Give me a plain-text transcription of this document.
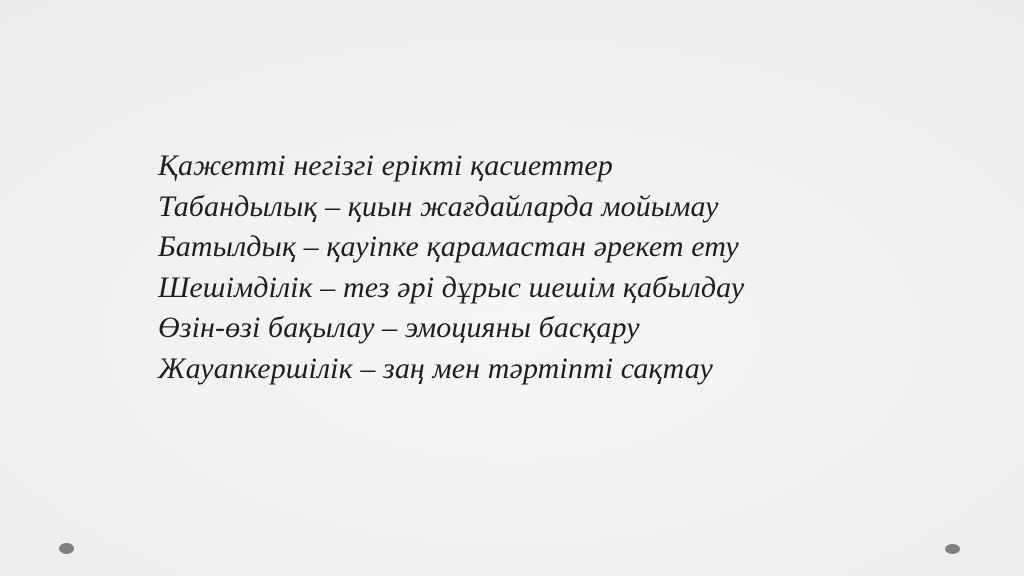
Қажетті негізгі ерікті қасиеттер
Табандылық – қиын жағдайларда мойымау
Батылдық – қауіпке қарамастан әрекет ету
Шешімділік – тез әрі дұрыс шешім қабылдау
Өзін-өзі бақылау – эмоцияны басқару
Жауапкершілік – заң мен тәртіпті сақтау
